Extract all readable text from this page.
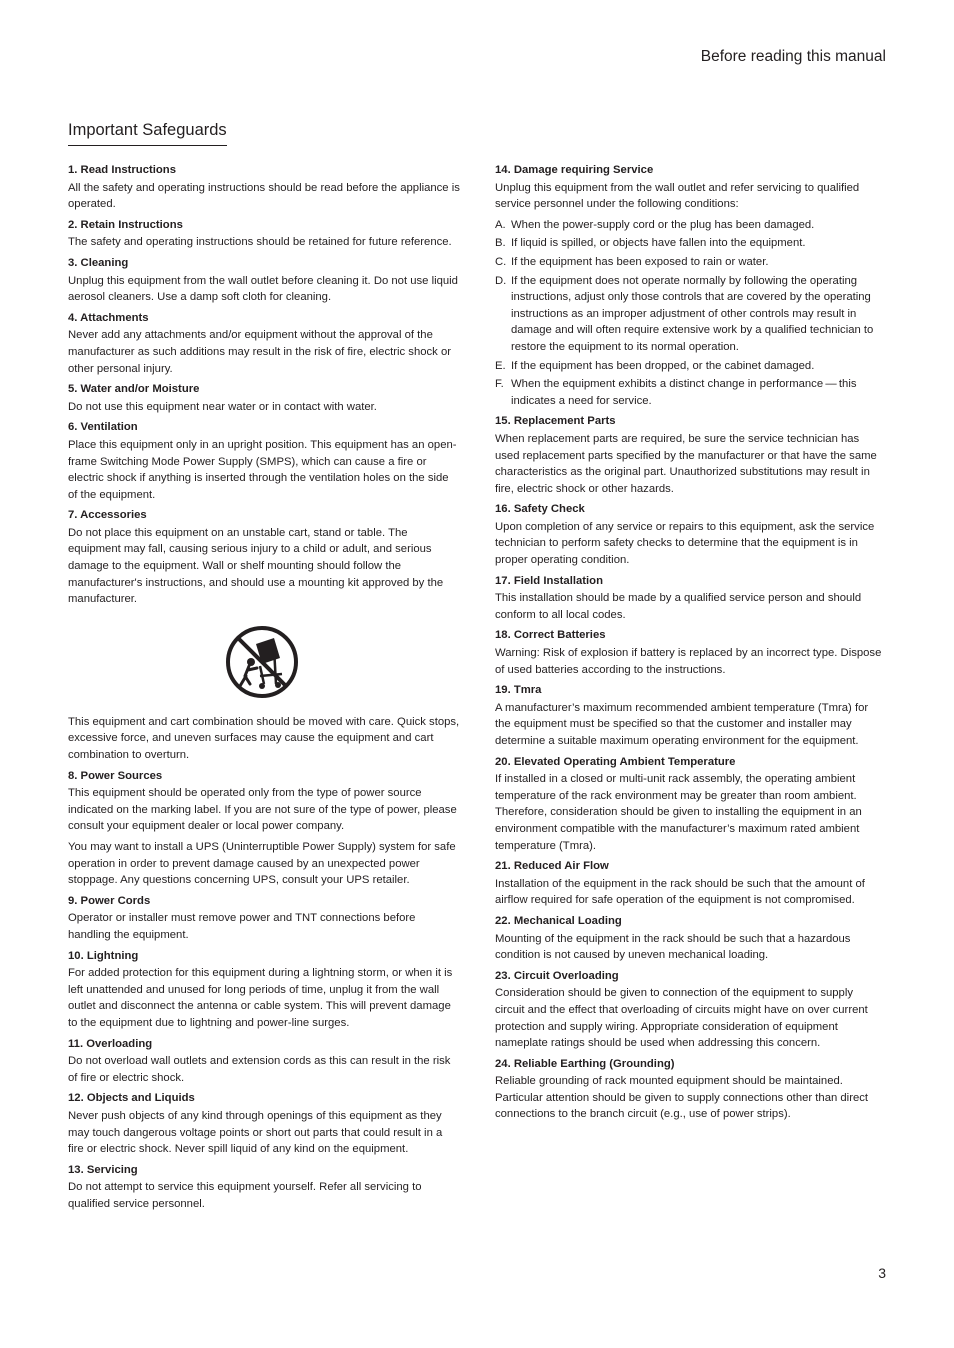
Before reading this manual
Important Safeguards
1. Read Instructions
All the safety and operating instructions should be read before the appliance is operated.
2. Retain Instructions
The safety and operating instructions should be retained for future reference.
3. Cleaning
Unplug this equipment from the wall outlet before cleaning it. Do not use liquid aerosol cleaners. Use a damp soft cloth for cleaning.
4. Attachments
Never add any attachments and/or equipment without the approval of the manufacturer as such additions may result in the risk of fire, electric shock or other personal injury.
5. Water and/or Moisture
Do not use this equipment near water or in contact with water.
6. Ventilation
Place this equipment only in an upright position. This equipment has an open-frame Switching Mode Power Supply (SMPS), which can cause a fire or electric shock if anything is inserted through the ventilation holes on the side of the equipment.
7. Accessories
Do not place this equipment on an unstable cart, stand or table. The equipment may fall, causing serious injury to a child or adult, and serious damage to the equipment. Wall or shelf mounting should follow the manufacturer's instructions, and should use a mounting kit approved by the manufacturer.
This equipment and cart combination should be moved with care. Quick stops, excessive force, and uneven surfaces may cause the equipment and cart combination to overturn.
8. Power Sources
This equipment should be operated only from the type of power source indicated on the marking label. If you are not sure of the type of power, please consult your equipment dealer or local power company.
You may want to install a UPS (Uninterruptible Power Supply) system for safe operation in order to prevent damage caused by an unexpected power stoppage. Any questions concerning UPS, consult your UPS retailer.
9. Power Cords
Operator or installer must remove power and TNT connections before handling the equipment.
10. Lightning
For added protection for this equipment during a lightning storm, or when it is left unattended and unused for long periods of time, unplug it from the wall outlet and disconnect the antenna or cable system. This will prevent damage to the equipment due to lightning and power-line surges.
11. Overloading
Do not overload wall outlets and extension cords as this can result in the risk of fire or electric shock.
12. Objects and Liquids
Never push objects of any kind through openings of this equipment as they may touch dangerous voltage points or short out parts that could result in a fire or electric shock. Never spill liquid of any kind on the equipment.
13. Servicing
Do not attempt to service this equipment yourself. Refer all servicing to qualified service personnel.
14. Damage requiring Service
Unplug this equipment from the wall outlet and refer servicing to qualified service personnel under the following conditions:
A. When the power-supply cord or the plug has been damaged.
B. If liquid is spilled, or objects have fallen into the equipment.
C. If the equipment has been exposed to rain or water.
D. If the equipment does not operate normally by following the operating instructions, adjust only those controls that are covered by the operating instructions as an improper adjustment of other controls may result in damage and will often require extensive work by a qualified technician to restore the equipment to its normal operation.
E. If the equipment has been dropped, or the cabinet damaged.
F. When the equipment exhibits a distinct change in performance — this indicates a need for service.
15. Replacement Parts
When replacement parts are required, be sure the service technician has used replacement parts specified by the manufacturer or that have the same characteristics as the original part. Unauthorized substitutions may result in fire, electric shock or other hazards.
16. Safety Check
Upon completion of any service or repairs to this equipment, ask the service technician to perform safety checks to determine that the equipment is in proper operating condition.
17. Field Installation
This installation should be made by a qualified service person and should conform to all local codes.
18. Correct Batteries
Warning: Risk of explosion if battery is replaced by an incorrect type. Dispose of used batteries according to the instructions.
19. Tmra
A manufacturer’s maximum recommended ambient temperature (Tmra) for the equipment must be specified so that the customer and installer may determine a suitable maximum operating environment for the equipment.
20. Elevated Operating Ambient Temperature
If installed in a closed or multi-unit rack assembly, the operating ambient temperature of the rack environment may be greater than room ambient. Therefore, consideration should be given to installing the equipment in an environment compatible with the manufacturer’s maximum rated ambient temperature (Tmra).
21. Reduced Air Flow
Installation of the equipment in the rack should be such that the amount of airflow required for safe operation of the equipment is not compromised.
22. Mechanical Loading
Mounting of the equipment in the rack should be such that a hazardous condition is not caused by uneven mechanical loading.
23. Circuit Overloading
Consideration should be given to connection of the equipment to supply circuit and the effect that overloading of circuits might have on over current protection and supply wiring. Appropriate consideration of equipment nameplate ratings should be used when addressing this concern.
24. Reliable Earthing (Grounding)
Reliable grounding of rack mounted equipment should be maintained. Particular attention should be given to supply connections other than direct connections to the branch circuit (e.g., use of power strips).
3
